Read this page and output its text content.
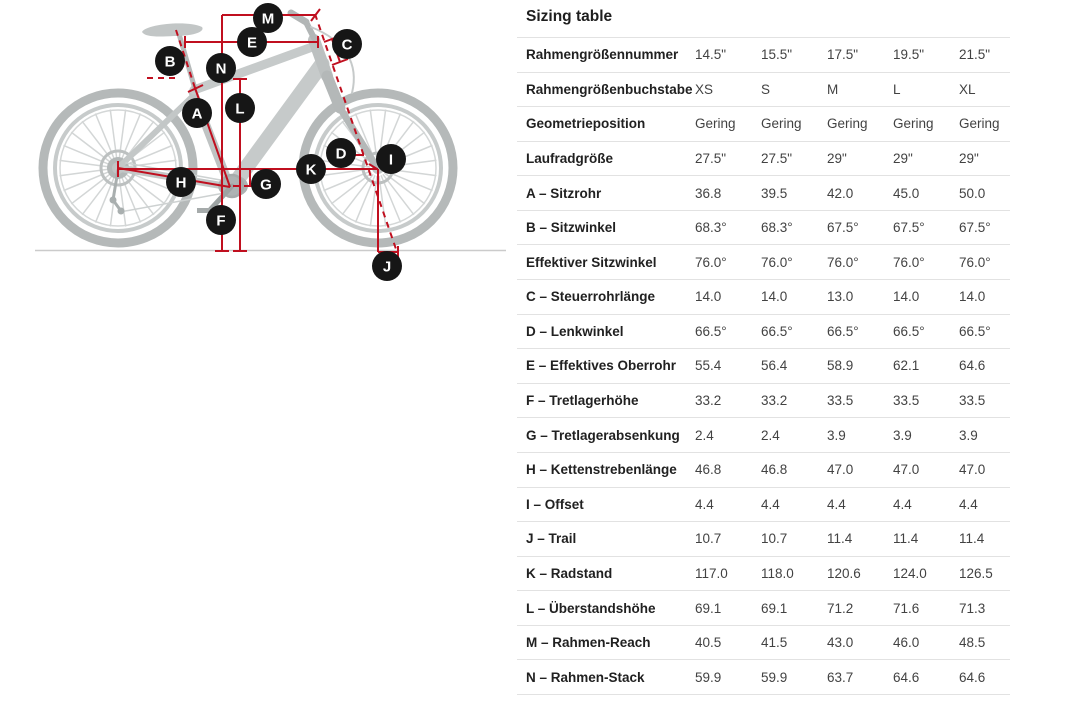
M
E	C
B	N
A L
D	I
K
G
H
F
J
Sizing table
Rahmengrößennummer	14.5"	15.5"	17.5"	19.5"	21.5"
Rahmengrößenbuchstabe XS	S	M	L	XL
Geometrieposition	Gering	Gering	Gering	Gering	Gering
Laufradgröße	27.5"	27.5"	29"	29"	29"
A – Sitzrohr	36.8	39.5	42.0	45.0	50.0
B – Sitzwinkel	68.3°	68.3°	67.5°	67.5°	67.5°
Effektiver Sitzwinkel	76.0°	76.0°	76.0°	76.0°	76.0°
C – Steuerrohrlänge	14.0	14.0	13.0	14.0	14.0
D – Lenkwinkel	66.5°	66.5°	66.5°	66.5°	66.5°
E – Effektives Oberrohr	55.4	56.4	58.9	62.1	64.6
F – Tretlagerhöhe	33.2	33.2	33.5	33.5	33.5
G – Tretlagerabsenkung	2.4	2.4	3.9	3.9	3.9
H – Kettenstrebenlänge	46.8	46.8	47.0	47.0	47.0
I – Offset	4.4	4.4	4.4	4.4	4.4
J – Trail	10.7	10.7	11.4	11.4	11.4
K – Radstand	117.0	118.0	120.6	124.0	126.5
L – Überstandshöhe	69.1	69.1	71.2	71.6	71.3
M – Rahmen-Reach	40.5	41.5	43.0	46.0	48.5
N – Rahmen-Stack	59.9	59.9	63.7	64.6	64.6
